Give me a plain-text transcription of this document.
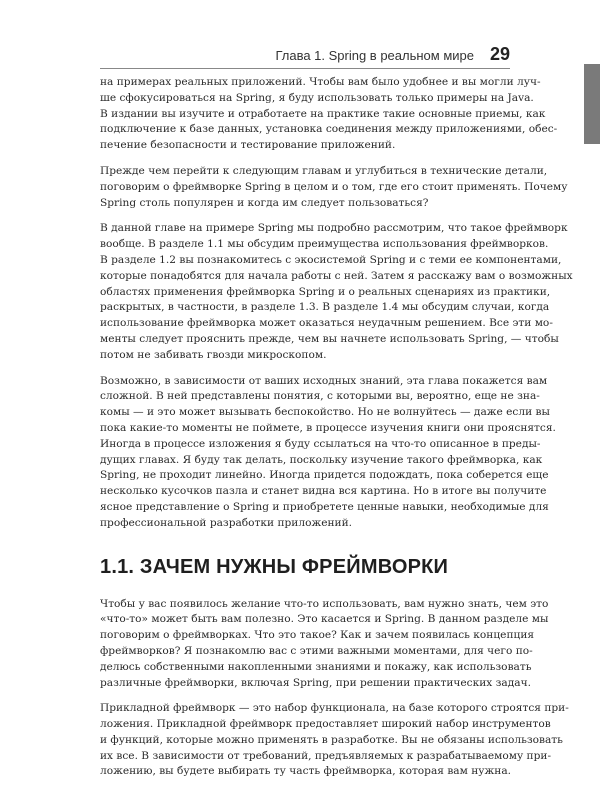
Глава 1. Spring в реальном мире 29
на примерах реальных приложений. Чтобы вам было удобнее и вы могли луч-
ше сфокусироваться на Spring, я буду использовать только примеры на Java.
В издании вы изучите и отработаете на практике такие основные приемы, как
подключение к базе данных, установка соединения между приложениями, обес-
печение безопасности и тестирование приложений.
Прежде чем перейти к следующим главам и углубиться в технические детали,
поговорим о фреймворке Spring в целом и о том, где его стоит применять. Почему
Spring столь популярен и когда им следует пользоваться?
В данной главе на примере Spring мы подробно рассмотрим, что такое фреймворк
вообще. В разделе 1.1 мы обсудим преимущества использования фреймворков.
В разделе 1.2 вы познакомитесь с экосистемой Spring и с теми ее компонентами,
которые понадобятся для начала работы с ней. Затем я расскажу вам о возможных
областях применения фреймворка Spring и о реальных сценариях из практики,
раскрытых, в частности, в разделе 1.3. В разделе 1.4 мы обсудим случаи, когда
использование фреймворка может оказаться неудачным решением. Все эти мо-
менты следует прояснить прежде, чем вы начнете использовать Spring, — чтобы
потом не забивать гвозди микроскопом.
Возможно, в зависимости от ваших исходных знаний, эта глава покажется вам
сложной. В ней представлены понятия, с которыми вы, вероятно, еще не зна-
комы — и это может вызывать беспокойство. Но не волнуйтесь — даже если вы
пока какие-то моменты не поймете, в процессе изучения книги они прояснятся.
Иногда в процессе изложения я буду ссылаться на что-то описанное в преды-
дущих главах. Я буду так делать, поскольку изучение такого фреймворка, как
Spring, не проходит линейно. Иногда придется подождать, пока соберется еще
несколько кусочков пазла и станет видна вся картина. Но в итоге вы получите
ясное представление о Spring и приобретете ценные навыки, необходимые для
профессиональной разработки приложений.
1.1. ЗАЧЕМ НУЖНЫ ФРЕЙМВОРКИ
Чтобы у вас появилось желание что-то использовать, вам нужно знать, чем это
«что-то» может быть вам полезно. Это касается и Spring. В данном разделе мы
поговорим о фреймворках. Что это такое? Как и зачем появилась концепция
фреймворков? Я познакомлю вас с этими важными моментами, для чего по-
делюсь собственными накопленными знаниями и покажу, как использовать
различные фреймворки, включая Spring, при решении практических задач.
Прикладной фреймворк — это набор функционала, на базе которого строятся при-
ложения. Прикладной фреймворк предоставляет широкий набор инструментов
и функций, которые можно применять в разработке. Вы не обязаны использовать
их все. В зависимости от требований, предъявляемых к разрабатываемому при-
ложению, вы будете выбирать ту часть фреймворка, которая вам нужна.
